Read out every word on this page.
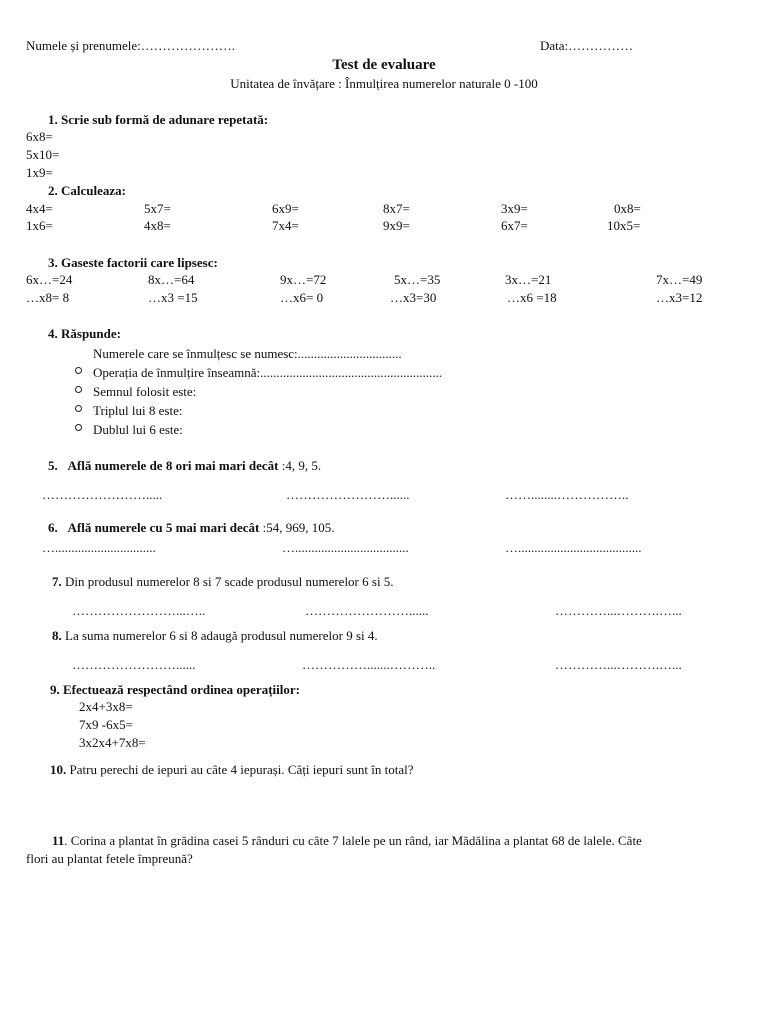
Numele și prenumele:………………….	Data:……………
Test de evaluare
Unitatea de învățare : Înmulțirea numerelor naturale 0 -100
1. Scrie sub formă de adunare repetată:
6x8=
5x10=
1x9=
2. Calculeaza:
4x4=	5x7=	6x9=	8x7=	3x9=	0x8=
1x6=	4x8=	7x4=	9x9=	6x7=	10x5=
3. Gaseste factorii care lipsesc:
6x…=24	8x…=64	9x…=72	5x…=35	3x…=21	7x…=49
…x8= 8	…x3 =15	…x6= 0	…x3=30	…x6 =18	…x3=12
4. Răspunde:
Numerele care se înmulțesc se numesc:................................
Operația de înmulțire înseamnă:........................................................
Semnul folosit este:
Triplul lui 8 este:
Dublul lui 6 este:
5. Află numerele de 8 ori mai mari decât :4, 9, 5.
…………………….....	……………………......	……........……………..
6. Află numerele cu 5 mai mari decât :54, 969, 105.
…...............................	…...................................	…......................................
7. Din produsul numerelor 8 si 7 scade produsul numerelor 6 si 5.
……………………...…..	……………………......	…………...……….…...
8. La suma numerelor 6 si 8 adaugă produsul numerelor 9 si 4.
……………………......	…………….......………..	…………...……….…...
9. Efectuează respectând ordinea operațiilor:
2x4+3x8=
7x9 -6x5=
3x2x4+7x8=
10. Patru perechi de iepuri au câte 4 iepurași. Câți iepuri sunt în total?
11. Corina a plantat în grădina casei 5 rânduri cu câte 7 lalele pe un rând, iar Mădălina a plantat 68 de lalele. Câte
flori au plantat fetele împreună?
